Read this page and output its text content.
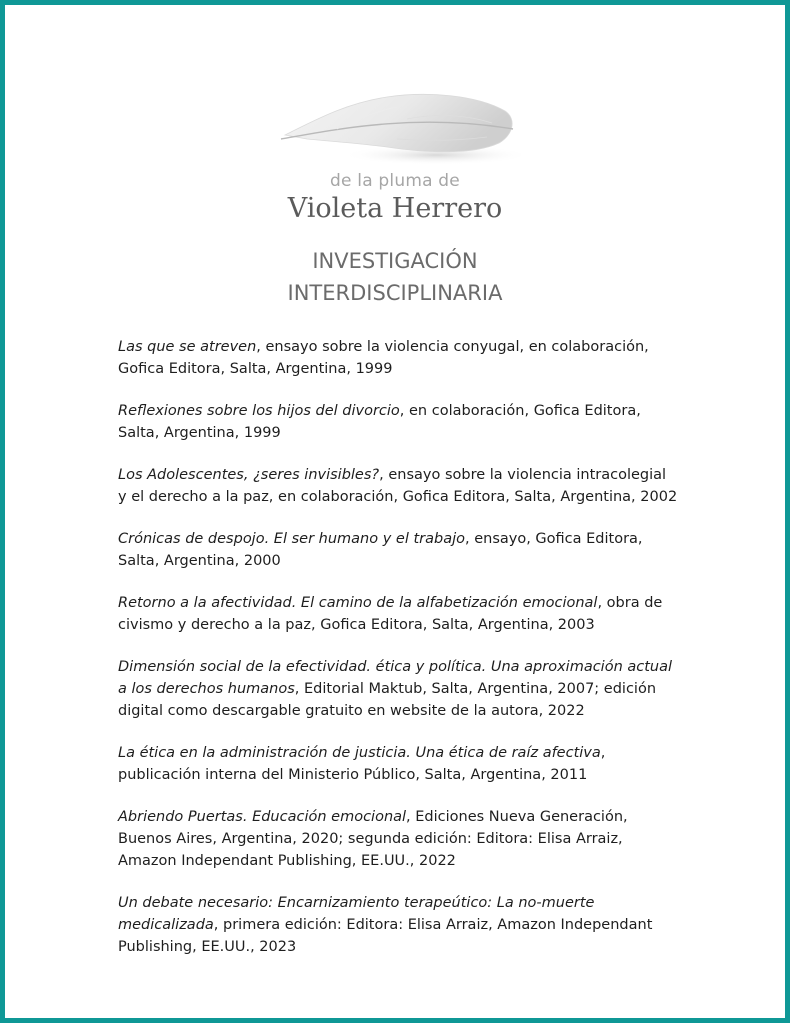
de la pluma de
Violeta Herrero
INVESTIGACIÓN
INTERDISCIPLINARIA
Las que se atreven, ensayo sobre la violencia conyugal, en colaboración, Gofica Editora, Salta, Argentina, 1999
Reflexiones sobre los hijos del divorcio, en colaboración, Gofica Editora, Salta, Argentina, 1999
Los Adolescentes, ¿seres invisibles?, ensayo sobre la violencia intracolegial y el derecho a la paz, en colaboración, Gofica Editora, Salta, Argentina, 2002
Crónicas de despojo. El ser humano y el trabajo, ensayo, Gofica Editora, Salta, Argentina, 2000
Retorno a la afectividad. El camino de la alfabetización emocional, obra de civismo y derecho a la paz, Gofica Editora, Salta, Argentina, 2003
Dimensión social de la efectividad. ética y política. Una aproximación actual a los derechos humanos, Editorial Maktub, Salta, Argentina, 2007; edición digital como descargable gratuito en website de la autora, 2022
La ética en la administración de justicia. Una ética de raíz afectiva, publicación interna del Ministerio Público, Salta, Argentina, 2011
Abriendo Puertas. Educación emocional, Ediciones Nueva Generación, Buenos Aires, Argentina, 2020; segunda edición: Editora: Elisa Arraiz, Amazon Independant Publishing, EE.UU., 2022
Un debate necesario: Encarnizamiento terapeútico: La no-muerte medicalizada, primera edición: Editora: Elisa Arraiz, Amazon Independant Publishing, EE.UU., 2023
